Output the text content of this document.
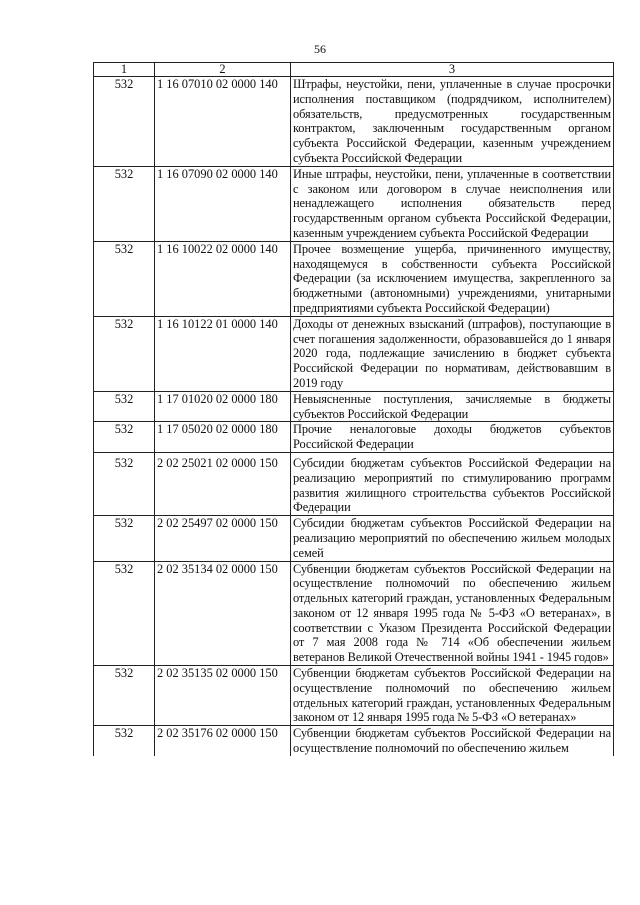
56
1	2	3
532	1 16 07010 02 0000 140	Штрафы, неустойки, пени, уплаченные в случае просрочки исполнения поставщиком (подрядчиком, исполнителем) обязательств, предусмотренных государственным контрактом, заключенным государственным органом субъекта Российской Федерации, казенным учреждением субъекта Российской Федерации
532	1 16 07090 02 0000 140	Иные штрафы, неустойки, пени, уплаченные в соответствии с законом или договором в случае неисполнения или ненадлежащего исполнения обязательств перед государственным органом субъекта Российской Федерации, казенным учреждением субъекта Российской Федерации
532	1 16 10022 02 0000 140	Прочее возмещение ущерба, причиненного имуществу, находящемуся в собственности субъекта Российской Федерации (за исключением имущества, закрепленного за бюджетными (автономными) учреждениями, унитарными предприятиями субъекта Российской Федерации)
532	1 16 10122 01 0000 140	Доходы от денежных взысканий (штрафов), поступающие в счет погашения задолженности, образовавшейся до 1 января 2020 года, подлежащие зачислению в бюджет субъекта Российской Федерации по нормативам, действовавшим в 2019 году
532	1 17 01020 02 0000 180	Невыясненные поступления, зачисляемые в бюджеты субъектов Российской Федерации
532	1 17 05020 02 0000 180	Прочие неналоговые доходы бюджетов субъектов Российской Федерации
532	2 02 25021 02 0000 150	Субсидии бюджетам субъектов Российской Федерации на реализацию мероприятий по стимулированию программ развития жилищного строительства субъектов Российской Федерации
532	2 02 25497 02 0000 150	Субсидии бюджетам субъектов Российской Федерации на реализацию мероприятий по обеспечению жильем молодых семей
532	2 02 35134 02 0000 150	Субвенции бюджетам субъектов Российской Федерации на осуществление полномочий по обеспечению жильем отдельных категорий граждан, установленных Федеральным законом от 12 января 1995 года № 5-ФЗ «О ветеранах», в соответствии с Указом Президента Российской Федерации от 7 мая 2008 года № 714 «Об обеспечении жильем ветеранов Великой Отечественной войны 1941 - 1945 годов»
532	2 02 35135 02 0000 150	Субвенции бюджетам субъектов Российской Федерации на осуществление полномочий по обеспечению жильем отдельных категорий граждан, установленных Федеральным законом от 12 января 1995 года № 5-ФЗ «О ветеранах»
532	2 02 35176 02 0000 150	Субвенции бюджетам субъектов Российской Федерации на осуществление полномочий по обеспечению жильем
